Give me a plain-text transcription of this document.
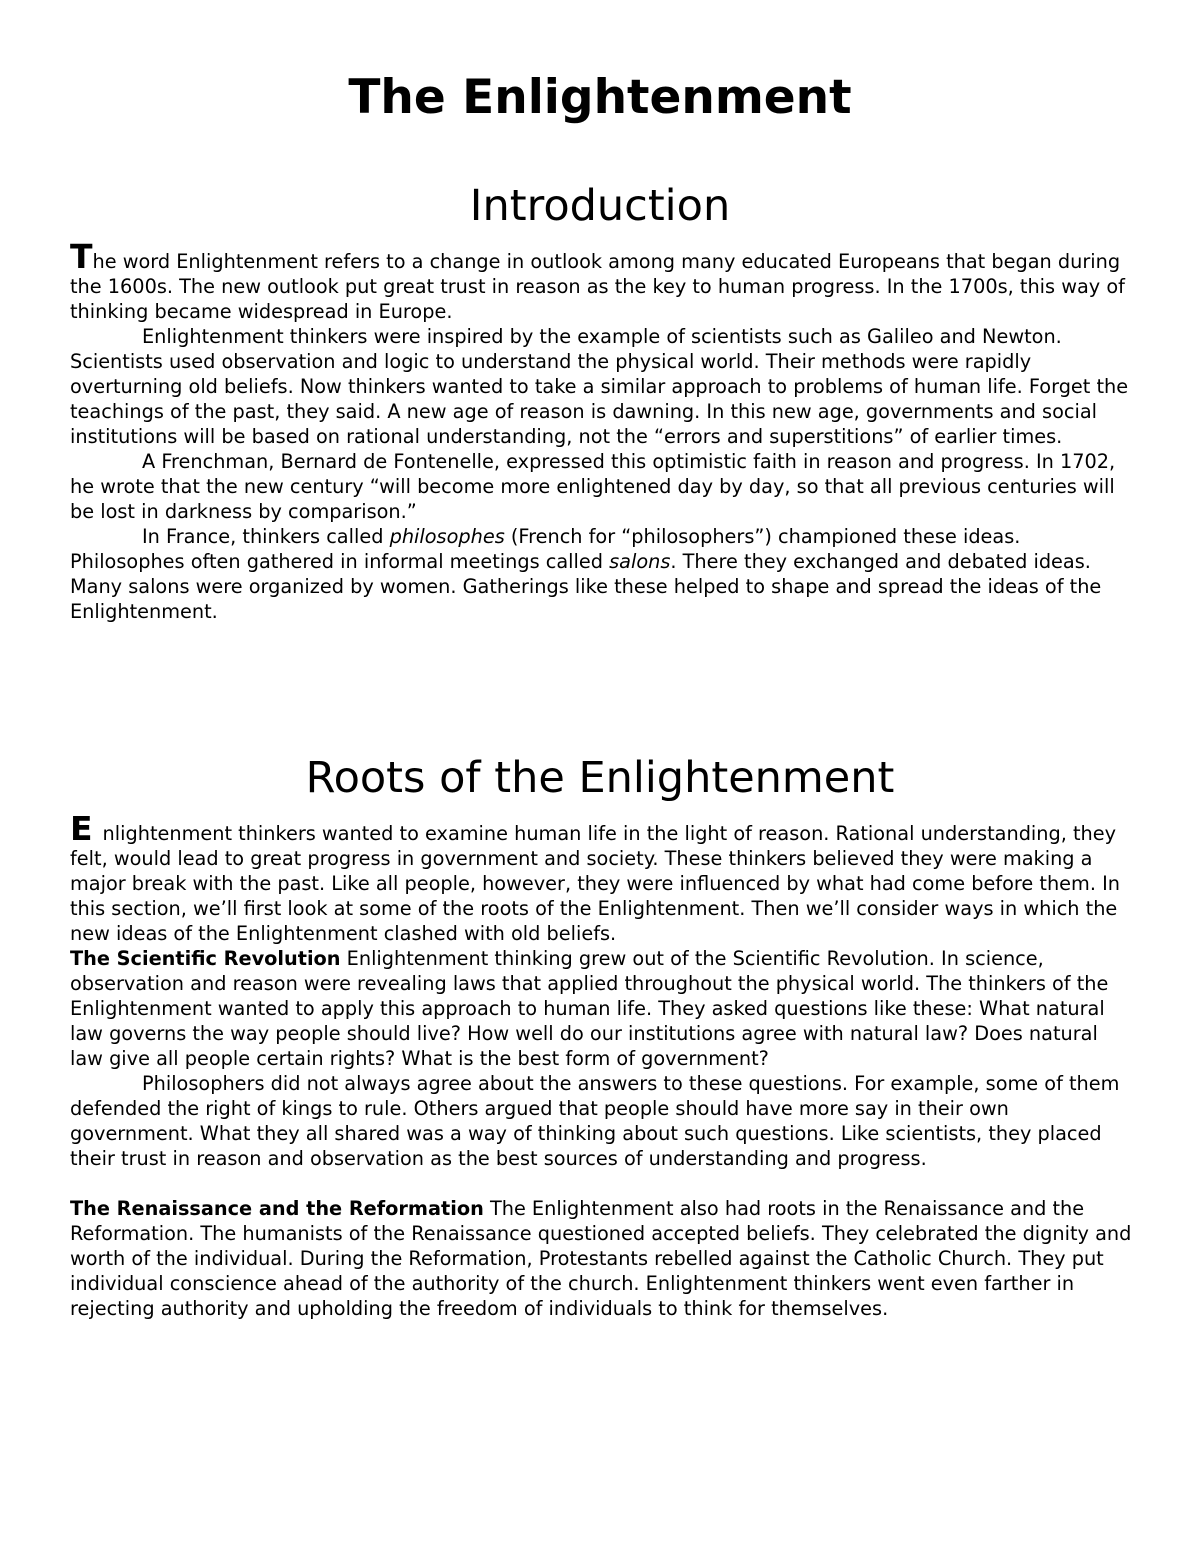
The Enlightenment
Introduction

The word Enlightenment refers to a change in outlook among many educated Europeans that began during the 1600s. The new outlook put great trust in reason as the key to human progress. In the 1700s, this way of thinking became widespread in Europe.

Enlightenment thinkers were inspired by the example of scientists such as Galileo and Newton. Scientists used observation and logic to understand the physical world. Their methods were rapidly overturning old beliefs. Now thinkers wanted to take a similar approach to problems of human life. Forget the teachings of the past, they said. A new age of reason is dawning. In this new age, governments and social institutions will be based on rational understanding, not the “errors and superstitions” of earlier times.

A Frenchman, Bernard de Fontenelle, expressed this optimistic faith in reason and progress. In 1702, he wrote that the new century “will become more enlightened day by day, so that all previous centuries will be lost in darkness by comparison.”

In France, thinkers called philosophes (French for “philosophers”) championed these ideas. Philosophes often gathered in informal meetings called salons. There they exchanged and debated ideas. Many salons were organized by women. Gatherings like these helped to shape and spread the ideas of the Enlightenment.

Roots of the Enlightenment

Enlightenment thinkers wanted to examine human life in the light of reason. Rational understanding, they felt, would lead to great progress in government and society. These thinkers believed they were making a major break with the past. Like all people, however, they were influenced by what had come before them. In this section, we’ll first look at some of the roots of the Enlightenment. Then we’ll consider ways in which the new ideas of the Enlightenment clashed with old beliefs.

The Scientific Revolution Enlightenment thinking grew out of the Scientific Revolution. In science, observation and reason were revealing laws that applied throughout the physical world. The thinkers of the Enlightenment wanted to apply this approach to human life. They asked questions like these: What natural law governs the way people should live? How well do our institutions agree with natural law? Does natural law give all people certain rights? What is the best form of government?

Philosophers did not always agree about the answers to these questions. For example, some of them defended the right of kings to rule. Others argued that people should have more say in their own government. What they all shared was a way of thinking about such questions. Like scientists, they placed their trust in reason and observation as the best sources of understanding and progress.

The Renaissance and the Reformation The Enlightenment also had roots in the Renaissance and the Reformation. The humanists of the Renaissance questioned accepted beliefs. They celebrated the dignity and worth of the individual. During the Reformation, Protestants rebelled against the Catholic Church. They put individual conscience ahead of the authority of the church. Enlightenment thinkers went even farther in rejecting authority and upholding the freedom of individuals to think for themselves.
